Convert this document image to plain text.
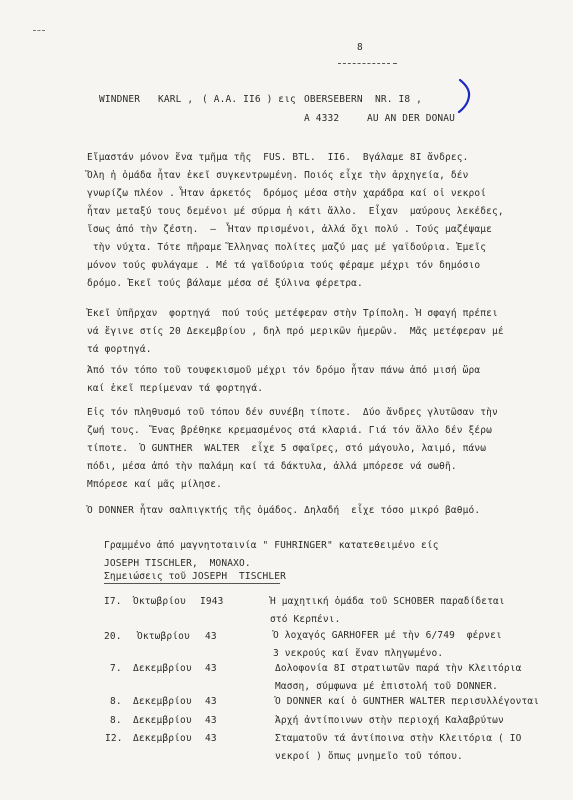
8
WINDNER KARL , ( A.A. II6 ) εις OBERSEBERN NR. I8 ,
A 4332	AU AN DER DONAU
Εἴμαστάν μόνον ἕνα τμῆμα τῆς  FUS. BTL.  II6.  Βγάλαμε 8I ἄνδρες.
Ὅλη ἡ ὁμάδα ἦταν ἐκεῖ συγκεντρωμένη. Ποιός εἶχε τὴν ἀρχηγεία, δέν
γνωρίζω πλέον . Ἦταν ἀρκετός  δρόμος μέσα στὴν χαράδρα καί οἱ νεκροί
ἦταν μεταξύ τους δεμένοι μέ σύρμα ἡ κάτι ἄλλο.  Εἶχαν  μαύρους λεκέδες,
ἴσως ἀπό τὴν ζέστη.  –  Ἦταν πρισμένοι, ἀλλά ὄχι πολύ . Τούς μαζέψαμε
τὴν νύχτα. Τότε πῆραμε Ἕλληνας πολίτες μαζύ μας μέ γαϊδούρια. Ἐμεῖς
μόνον τούς φυλάγαμε . Μέ τά γαϊδούρια τούς φέραμε μέχρι τόν δημόσιο
δρόμο. Ἐκεῖ τούς βάλαμε μέσα σέ ξύλινα φέρετρα.
Ἐκεῖ ὑπῆρχαν  φορτηγά  πού τούς μετέφεραν στὴν Τρίπολη. Ἡ σφαγή πρέπει
νά ἔγινε στίς 20 Δεκεμβρίου , δηλ πρό μερικῶν ἡμερῶν.  Μᾶς μετέφεραν μέ
τά φορτηγά.
Ἀπό τόν τόπο τοῦ τουφεκισμοῦ μέχρι τόν δρόμο ἦταν πάνω ἀπό μισή ὥρα
καί ἐκεῖ περίμεναν τά φορτηγά.
Εἰς τόν πληθυσμό τοῦ τόπου δέν συνέβη τίποτε.  Δύο ἄνδρες γλυτῶσαν τὴν
ζωή τους.  Ἕνας βρέθηκε κρεμασμένος στά κλαριά. Γιά τόν ἄλλο δέν ξέρω
τίποτε.  Ὁ GUNTHER  WALTER  εἶχε 5 σφαῖρες, στό μάγουλο, λαιμό, πάνω
πόδι, μέσα ἀπό τὴν παλάμη καί τά δάκτυλα, ἀλλά μπόρεσε νά σωθῆ.
Μπόρεσε καί μᾶς μίλησε.
Ὁ DONNER ἦταν σαλπιγκτής τῆς ὁμάδος. Δηλαδή  εἶχε τόσο μικρό βαθμό.
Γραμμένο ἀπό μαγνητοταινία " FUHRINGER" κατατεθειμένο είς
JOSEPH TISCHLER,  MONAXO.
Σημειώσεις τοῦ JOSEPH  TISCHLER
I7. Ὀκτωβρίου I943	Ἡ μαχητική ὁμάδα τοῦ SCHOBER παραδίδεται
στό Κερπένι.
20. Ὀκτωβρίου 43	Ὁ λοχαγός GARHOFER μέ τὴν 6/749  φέρνει
3 νεκρούς καί ἕναν πληγωμένο.
7. Δεκεμβρίου 43	Δολοφονία 8I στρατιωτῶν παρά τὴν Κλειτόρια
Μασση, σύμφωνα μέ ἐπιστολή τοῦ DONNER.
8. Δεκεμβρίου 43	Ὁ DONNER καί ὁ GUNTHER WALTER περισυλλέγονται
8. Δεκεμβρίου 43	Ἀρχή ἀντίποινων στὴν περιοχή Καλαβρύτων
I2. Δεκεμβρίου 43	Σταματοῦν τά ἀντίποινα στὴν Κλειτόρια ( IO
νεκροί ) ὅπως μνημεῖο τοῦ τόπου.
